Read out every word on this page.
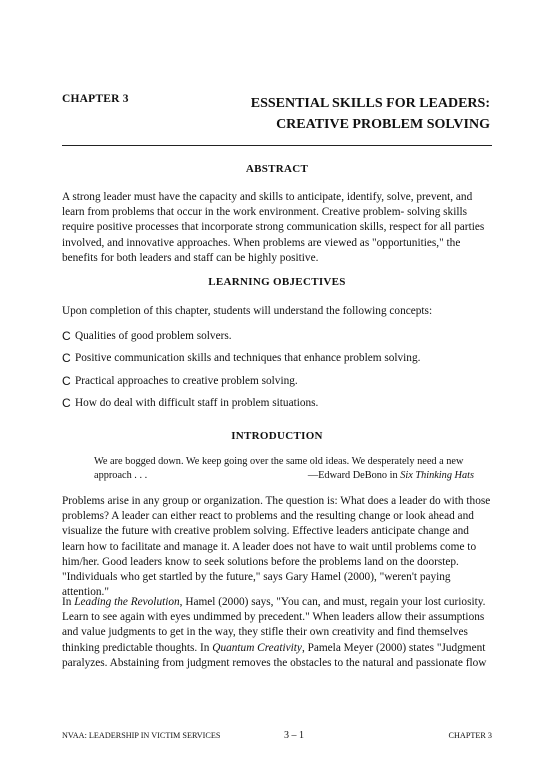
CHAPTER 3	ESSENTIAL SKILLS FOR LEADERS:
CREATIVE PROBLEM SOLVING
ABSTRACT
A strong leader must have the capacity and skills to anticipate, identify, solve, prevent, and learn from problems that occur in the work environment. Creative problem- solving skills require positive processes that incorporate strong communication skills, respect for all parties involved, and innovative approaches. When problems are viewed as "opportunities," the benefits for both leaders and staff can be highly positive.
LEARNING OBJECTIVES
Upon completion of this chapter, students will understand the following concepts:
C Qualities of good problem solvers.
C Positive communication skills and techniques that enhance problem solving.
C Practical approaches to creative problem solving.
C How do deal with difficult staff in problem situations.
INTRODUCTION
We are bogged down. We keep going over the same old ideas. We desperately need a new approach . . .	—Edward DeBono in Six Thinking Hats
Problems arise in any group or organization. The question is: What does a leader do with those problems? A leader can either react to problems and the resulting change or look ahead and visualize the future with creative problem solving. Effective leaders anticipate change and learn how to facilitate and manage it. A leader does not have to wait until problems come to him/her. Good leaders know to seek solutions before the problems land on the doorstep. "Individuals who get startled by the future," says Gary Hamel (2000), "weren't paying attention."
In Leading the Revolution, Hamel (2000) says, "You can, and must, regain your lost curiosity. Learn to see again with eyes undimmed by precedent." When leaders allow their assumptions and value judgments to get in the way, they stifle their own creativity and find themselves thinking predictable thoughts. In Quantum Creativity, Pamela Meyer (2000) states "Judgment paralyzes. Abstaining from judgment removes the obstacles to the natural and passionate flow
NVAA: LEADERSHIP IN VICTIM SERVICES	3 – 1	CHAPTER 3
